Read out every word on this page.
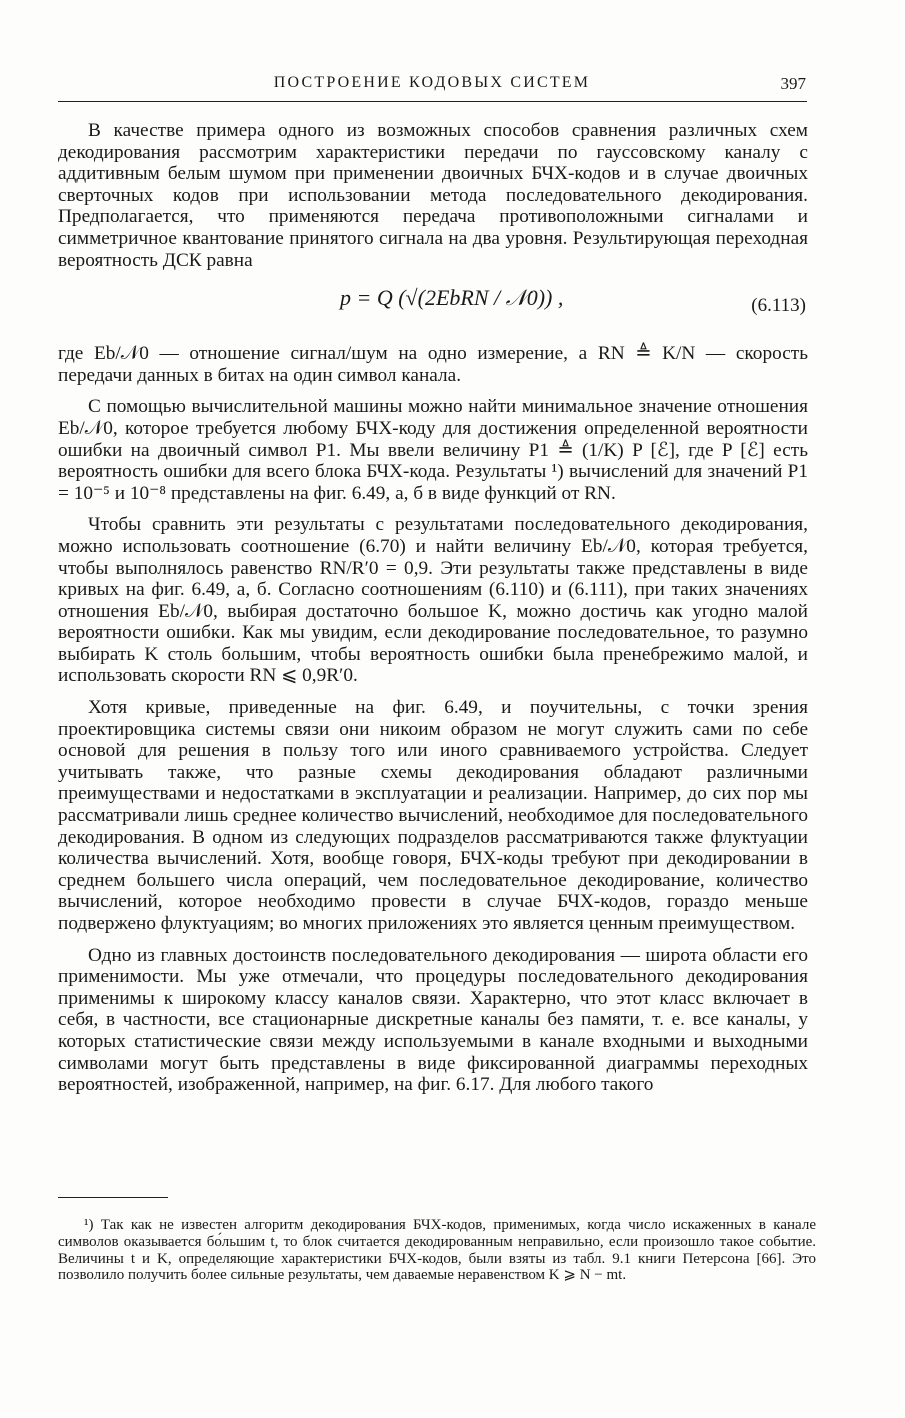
ПОСТРОЕНИЕ КОДОВЫХ СИСТЕМ	397

В качестве примера одного из возможных способов сравнения различных схем декодирования рассмотрим характеристики передачи по гауссовскому каналу с аддитивным белым шумом при применении двоичных БЧХ-кодов и в случае двоичных сверточных кодов при использовании метода последовательного декодирования. Предполагается, что применяются передача противоположными сигналами и симметричное квантование принятого сигнала на два уровня. Результирующая переходная вероятность ДСК равна

p = Q (√(2EbRN / 𝒩0)) ,	(6.113)

где Eb/𝒩0 — отношение сигнал/шум на одно измерение, а RN ≜ K/N — скорость передачи данных в битах на один символ канала.

С помощью вычислительной машины можно найти минимальное значение отношения Eb/𝒩0, которое требуется любому БЧХ-коду для достижения определенной вероятности ошибки на двоичный символ P1. Мы ввели величину P1 ≜ (1/K) P [ℰ], где P [ℰ] есть вероятность ошибки для всего блока БЧХ-кода. Результаты ¹) вычислений для значений P1 = 10⁻⁵ и 10⁻⁸ представлены на фиг. 6.49, а, б в виде функций от RN.

Чтобы сравнить эти результаты с результатами последовательного декодирования, можно использовать соотношение (6.70) и найти величину Eb/𝒩0, которая требуется, чтобы выполнялось равенство RN/R′0 = 0,9. Эти результаты также представлены в виде кривых на фиг. 6.49, а, б. Согласно соотношениям (6.110) и (6.111), при таких значениях отношения Eb/𝒩0, выбирая достаточно большое K, можно достичь как угодно малой вероятности ошибки. Как мы увидим, если декодирование последовательное, то разумно выбирать K столь большим, чтобы вероятность ошибки была пренебрежимо малой, и использовать скорости RN ⩽ 0,9R′0.

Хотя кривые, приведенные на фиг. 6.49, и поучительны, с точки зрения проектировщика системы связи они никоим образом не могут служить сами по себе основой для решения в пользу того или иного сравниваемого устройства. Следует учитывать также, что разные схемы декодирования обладают различными преимуществами и недостатками в эксплуатации и реализации. Например, до сих пор мы рассматривали лишь среднее количество вычислений, необходимое для последовательного декодирования. В одном из следующих подразделов рассматриваются также флуктуации количества вычислений. Хотя, вообще говоря, БЧХ-коды требуют при декодировании в среднем большего числа операций, чем последовательное декодирование, количество вычислений, которое необходимо провести в случае БЧХ-кодов, гораздо меньше подвержено флуктуациям; во многих приложениях это является ценным преимуществом.

Одно из главных достоинств последовательного декодирования — широта области его применимости. Мы уже отмечали, что процедуры последовательного декодирования применимы к широкому классу каналов связи. Характерно, что этот класс включает в себя, в частности, все стационарные дискретные каналы без памяти, т. е. все каналы, у которых статистические связи между используемыми в канале входными и выходными символами могут быть представлены в виде фиксированной диаграммы переходных вероятностей, изображенной, например, на фиг. 6.17. Для любого такого

¹) Так как не известен алгоритм декодирования БЧХ-кодов, применимых, когда число искаженных в канале символов оказывается бо́льшим t, то блок считается декодированным неправильно, если произошло такое событие. Величины t и K, определяющие характеристики БЧХ-кодов, были взяты из табл. 9.1 книги Петерсона [66]. Это позволило получить более сильные результаты, чем даваемые неравенством K ⩾ N − mt.
